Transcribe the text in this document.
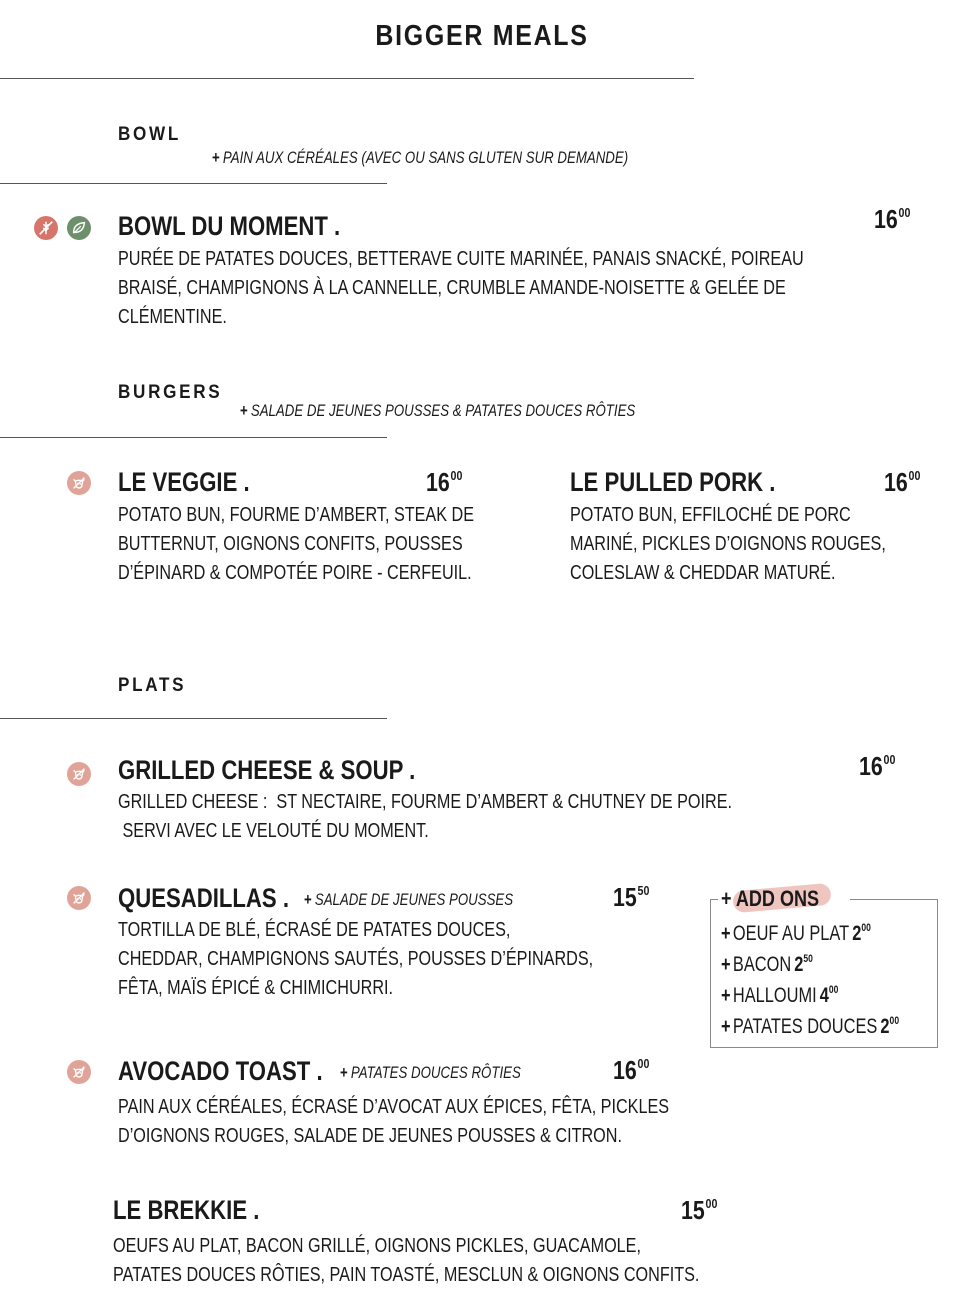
BIGGER MEALS
BOWL
+ PAIN AUX CÉRÉALES (AVEC OU SANS GLUTEN SUR DEMANDE)
BOWL DU MOMENT .	$16^{00}$
PURÉE DE PATATES DOUCES, BETTERAVE CUITE MARINÉE, PANAIS SNACKÉ, POIREAU
BRAISÉ, CHAMPIGNONS À LA CANNELLE, CRUMBLE AMANDE-NOISETTE & GELÉE DE
CLÉMENTINE.
BURGERS
+ SALADE DE JEUNES POUSSES & PATATES DOUCES RÔTIES
LE VEGGIE .	$16^{00}$
POTATO BUN, FOURME D’AMBERT, STEAK DE
BUTTERNUT, OIGNONS CONFITS, POUSSES
D’ÉPINARD & COMPOTÉE POIRE - CERFEUIL.
LE PULLED PORK .	$16^{00}$
POTATO BUN, EFFILOCHÉ DE PORC
MARINÉ, PICKLES D’OIGNONS ROUGES,
COLESLAW & CHEDDAR MATURÉ.
PLATS
GRILLED CHEESE & SOUP .	$16^{00}$
GRILLED CHEESE :  ST NECTAIRE, FOURME D’AMBERT & CHUTNEY DE POIRE.
SERVI AVEC LE VELOUTÉ DU MOMENT.
QUESADILLAS . + SALADE DE JEUNES POUSSES	$15^{50}$
TORTILLA DE BLÉ, ÉCRASÉ DE PATATES DOUCES,
CHEDDAR, CHAMPIGNONS SAUTÉS, POUSSES D’ÉPINARDS,
FÊTA, MAÏS ÉPICÉ & CHIMICHURRI.
+ ADD ONS
+ OEUF AU PLAT $2^{00}$
+ BACON $2^{50}$
+ HALLOUMI $4^{00}$
+ PATATES DOUCES $2^{00}$
AVOCADO TOAST . + PATATES DOUCES RÔTIES	$16^{00}$
PAIN AUX CÉRÉALES, ÉCRASÉ D’AVOCAT AUX ÉPICES, FÊTA, PICKLES
D’OIGNONS ROUGES, SALADE DE JEUNES POUSSES & CITRON.
LE BREKKIE .	$15^{00}$
OEUFS AU PLAT, BACON GRILLÉ, OIGNONS PICKLES, GUACAMOLE,
PATATES DOUCES RÔTIES, PAIN TOASTÉ, MESCLUN & OIGNONS CONFITS.
